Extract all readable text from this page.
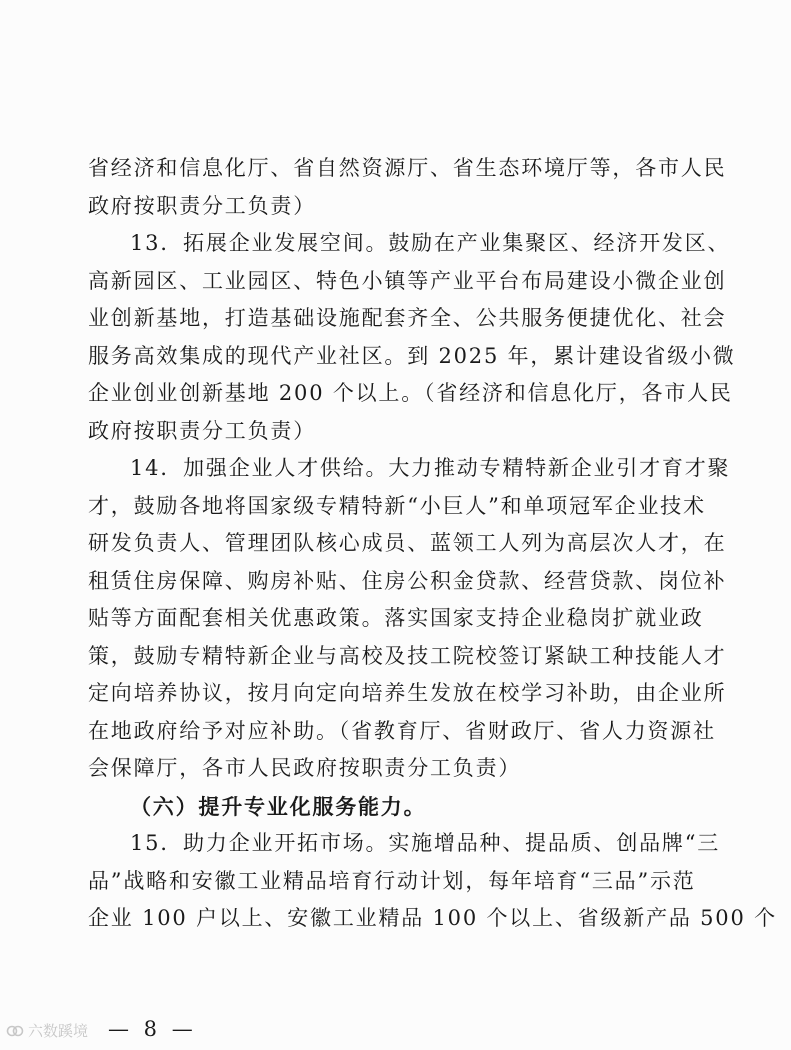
省经济和信息化厅、省自然资源厅、省生态环境厅等，各市人民
政府按职责分工负责）
13．拓展企业发展空间。鼓励在产业集聚区、经济开发区、
高新园区、工业园区、特色小镇等产业平台布局建设小微企业创
业创新基地，打造基础设施配套齐全、公共服务便捷优化、社会
服务高效集成的现代产业社区。到 2025 年，累计建设省级小微
企业创业创新基地 200 个以上。（省经济和信息化厅，各市人民
政府按职责分工负责）
14．加强企业人才供给。大力推动专精特新企业引才育才聚
才，鼓励各地将国家级专精特新“小巨人”和单项冠军企业技术
研发负责人、管理团队核心成员、蓝领工人列为高层次人才，在
租赁住房保障、购房补贴、住房公积金贷款、经营贷款、岗位补
贴等方面配套相关优惠政策。落实国家支持企业稳岗扩就业政
策，鼓励专精特新企业与高校及技工院校签订紧缺工种技能人才
定向培养协议，按月向定向培养生发放在校学习补助，由企业所
在地政府给予对应补助。（省教育厅、省财政厅、省人力资源社
会保障厅，各市人民政府按职责分工负责）
（六）提升专业化服务能力。
15．助力企业开拓市场。实施增品种、提品质、创品牌“三
品”战略和安徽工业精品培育行动计划，每年培育“三品”示范
企业 100 户以上、安徽工业精品 100 个以上、省级新产品 500 个
六数蹊境 — 8 —
